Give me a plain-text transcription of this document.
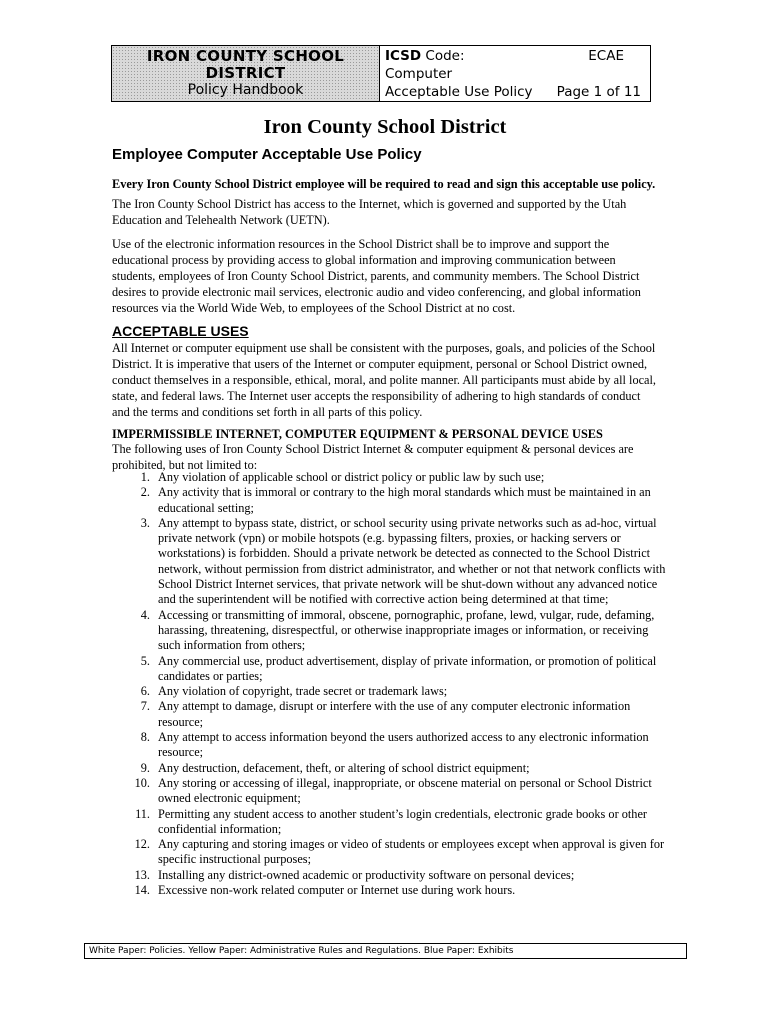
IRON COUNTY SCHOOL
DISTRICT
Policy Handbook
ICSD Code:	ECAE
Computer
Acceptable Use Policy	Page 1 of 11
Iron County School District
Employee Computer Acceptable Use Policy

Every Iron County School District employee will be required to read and sign this acceptable use policy.

The Iron County School District has access to the Internet, which is governed and supported by the Utah Education and Telehealth Network (UETN).

Use of the electronic information resources in the School District shall be to improve and support the educational process by providing access to global information and improving communication between students, employees of Iron County School District, parents, and community members. The School District desires to provide electronic mail services, electronic audio and video conferencing, and global information resources via the World Wide Web, to employees of the School District at no cost.

ACCEPTABLE USES

All Internet or computer equipment use shall be consistent with the purposes, goals, and policies of the School District. It is imperative that users of the Internet or computer equipment, personal or School District owned, conduct themselves in a responsible, ethical, moral, and polite manner. All participants must abide by all local, state, and federal laws. The Internet user accepts the responsibility of adhering to high standards of conduct and the terms and conditions set forth in all parts of this policy.

IMPERMISSIBLE INTERNET, COMPUTER EQUIPMENT & PERSONAL DEVICE USES

The following uses of Iron County School District Internet & computer equipment & personal devices are prohibited, but not limited to:

1. Any violation of applicable school or district policy or public law by such use;
2. Any activity that is immoral or contrary to the high moral standards which must be maintained in an educational setting;
3. Any attempt to bypass state, district, or school security using private networks such as ad-hoc, virtual private network (vpn) or mobile hotspots (e.g. bypassing filters, proxies, or hacking servers or workstations) is forbidden. Should a private network be detected as connected to the School District network, without permission from district administrator, and whether or not that network conflicts with School District Internet services, that private network will be shut-down without any advanced notice and the superintendent will be notified with corrective action being determined at that time;
4. Accessing or transmitting of immoral, obscene, pornographic, profane, lewd, vulgar, rude, defaming, harassing, threatening, disrespectful, or otherwise inappropriate images or information, or receiving such information from others;
5. Any commercial use, product advertisement, display of private information, or promotion of political candidates or parties;
6. Any violation of copyright, trade secret or trademark laws;
7. Any attempt to damage, disrupt or interfere with the use of any computer electronic information resource;
8. Any attempt to access information beyond the users authorized access to any electronic information resource;
9. Any destruction, defacement, theft, or altering of school district equipment;
10. Any storing or accessing of illegal, inappropriate, or obscene material on personal or School District owned electronic equipment;
11. Permitting any student access to another student’s login credentials, electronic grade books or other confidential information;
12. Any capturing and storing images or video of students or employees except when approval is given for specific instructional purposes;
13. Installing any district-owned academic or productivity software on personal devices;
14. Excessive non-work related computer or Internet use during work hours.
White Paper: Policies. Yellow Paper: Administrative Rules and Regulations. Blue Paper: Exhibits
